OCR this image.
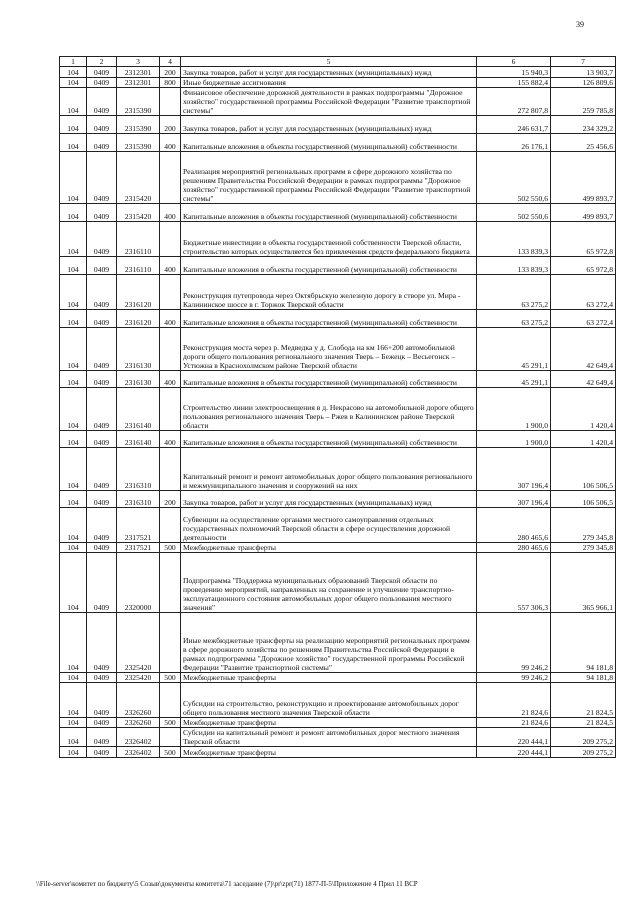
39
1	2	3	4	5	6	7
104	0409	2312301	200	Закупка товаров, работ и услуг для государственных (муниципальных) нужд	15 940,3	13 903,7
104	0409	2312301	800	Иные бюджетные ассигнования	155 882,4	126 809,6
104	0409	2315390		Финансовое обеспечение дорожной деятельности в рамках подпрограммы "Дорожное хозяйство" государственной программы Российской Федерации "Развитие транспортной системы"	272 807,8	259 785,8
104	0409	2315390	200	Закупка товаров, работ и услуг для государственных (муниципальных) нужд	246 631,7	234 329,2
104	0409	2315390	400	Капитальные вложения в объекты государственной (муниципальной) собственности	26 176,1	25 456,6
104	0409	2315420		Реализация мероприятий региональных программ в сфере дорожного хозяйства по решениям Правительства Российской Федерации в рамках подпрограммы "Дорожное хозяйство" государственной программы Российской Федерации "Развитие транспортной системы"	502 550,6	499 893,7
104	0409	2315420	400	Капитальные вложения в объекты государственной (муниципальной) собственности	502 550,6	499 893,7
104	0409	2316110		Бюджетные инвестиции в объекты государственной собственности Тверской области, строительство которых осуществляется без привлечения средств федерального бюджета	133 839,3	65 972,8
104	0409	2316110	400	Капитальные вложения в объекты государственной (муниципальной) собственности	133 839,3	65 972,8
104	0409	2316120		Реконструкция путепровода через Октябрьскую железную дорогу в створе ул. Мира - Калининское шоссе в г. Торжок Тверской области	63 275,2	63 272,4
104	0409	2316120	400	Капитальные вложения в объекты государственной (муниципальной) собственности	63 275,2	63 272,4
104	0409	2316130		Реконструкция моста через р. Медведка у д. Слобода на км 166+200 автомобильной дороги общего пользования регионального значения Тверь – Бежецк – Весьегонск – Устюжна в Краснохолмском районе Тверской области	45 291,1	42 649,4
104	0409	2316130	400	Капитальные вложения в объекты государственной (муниципальной) собственности	45 291,1	42 649,4
104	0409	2316140		Строительство линии электроосвещения в д. Некрасово на автомобильной дороге общего пользования регионального значения Тверь – Ржев в Калининском районе Тверской области	1 900,0	1 420,4
104	0409	2316140	400	Капитальные вложения в объекты государственной (муниципальной) собственности	1 900,0	1 420,4
104	0409	2316310		Капитальный ремонт и ремонт автомобильных дорог общего пользования регионального и межмуниципального значения и сооружений на них	307 196,4	106 506,5
104	0409	2316310	200	Закупка товаров, работ и услуг для государственных (муниципальных) нужд	307 196,4	106 506,5
104	0409	2317521		Субвенции на осуществление органами местного самоуправления отдельных государственных полномочий Тверской области в сфере осуществления дорожной деятельности	280 465,6	279 345,8
104	0409	2317521	500	Межбюджетные трансферты	280 465,6	279 345,8
104	0409	2320000		Подпрограмма "Поддержка муниципальных образований Тверской области по проведению мероприятий, направленных на сохранение и улучшение транспортно-эксплуатационного состояния автомобильных дорог общего пользования местного значения"	557 306,3	365 966,1
104	0409	2325420		Иные межбюджетные трансферты на реализацию мероприятий региональных программ в сфере дорожного хозяйства по решениям Правительства Российской Федерации в рамках подпрограммы "Дорожное хозяйство" государственной программы Российской Федерации "Развитие транспортной системы"	99 246,2	94 181,8
104	0409	2325420	500	Межбюджетные трансферты	99 246,2	94 181,8
104	0409	2326260		Субсидии на строительство, реконструкцию и проектирование автомобильных дорог общего пользования местного значения Тверской области	21 824,6	21 824,5
104	0409	2326260	500	Межбюджетные трансферты	21 824,6	21 824,5
104	0409	2326402		Субсидии на капитальный ремонт и ремонт автомобильных дорог местного значения Тверской области	220 444,1	209 275,2
104	0409	2326402	500	Межбюджетные трансферты	220 444,1	209 275,2
\\File-server\комитет по бюджету\5 Созыв\документы комитета\71 заседание (7)\pr\zpr(71) 1877-П-5\Приложение 4 Прил 11 ВСР
